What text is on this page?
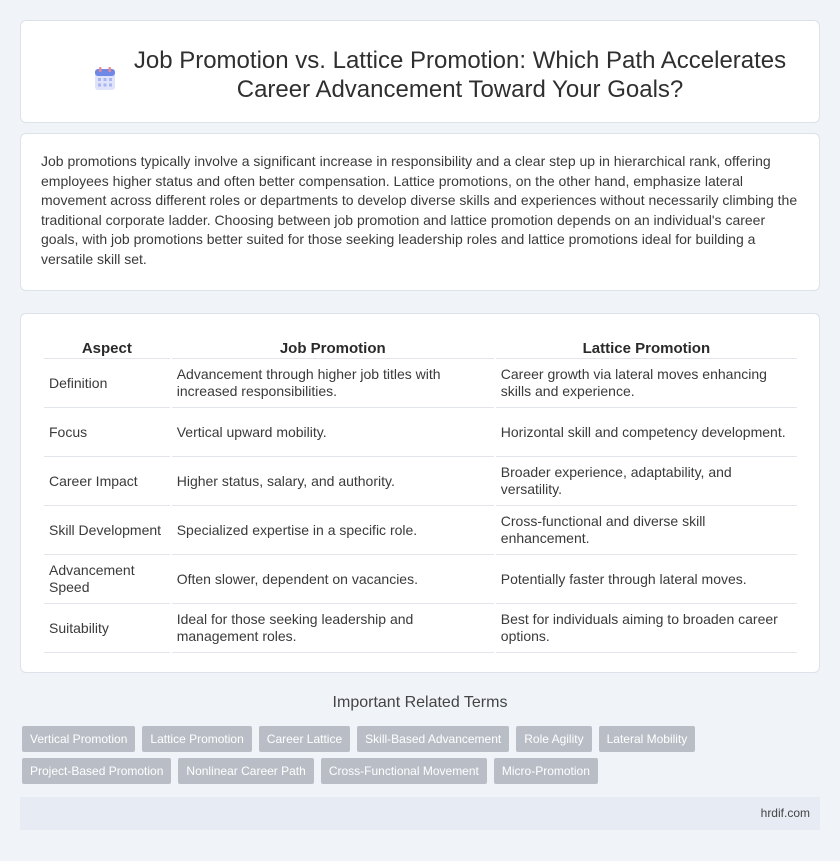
Job Promotion vs. Lattice Promotion: Which Path Accelerates Career Advancement Toward Your Goals?

Job promotions typically involve a significant increase in responsibility and a clear step up in hierarchical rank, offering employees higher status and often better compensation. Lattice promotions, on the other hand, emphasize lateral movement across different roles or departments to develop diverse skills and experiences without necessarily climbing the traditional corporate ladder. Choosing between job promotion and lattice promotion depends on an individual's career goals, with job promotions better suited for those seeking leadership roles and lattice promotions ideal for building a versatile skill set.

Aspect	Job Promotion	Lattice Promotion
Definition	Advancement through higher job titles with increased responsibilities.	Career growth via lateral moves enhancing skills and experience.
Focus	Vertical upward mobility.	Horizontal skill and competency development.
Career Impact	Higher status, salary, and authority.	Broader experience, adaptability, and versatility.
Skill Development	Specialized expertise in a specific role.	Cross-functional and diverse skill enhancement.
Advancement Speed	Often slower, dependent on vacancies.	Potentially faster through lateral moves.
Suitability	Ideal for those seeking leadership and management roles.	Best for individuals aiming to broaden career options.
Important Related Terms
Vertical Promotion	Lattice Promotion	Career Lattice	Skill-Based Advancement	Role Agility	Lateral Mobility
Project-Based Promotion	Nonlinear Career Path	Cross-Functional Movement	Micro-Promotion
hrdif.com
